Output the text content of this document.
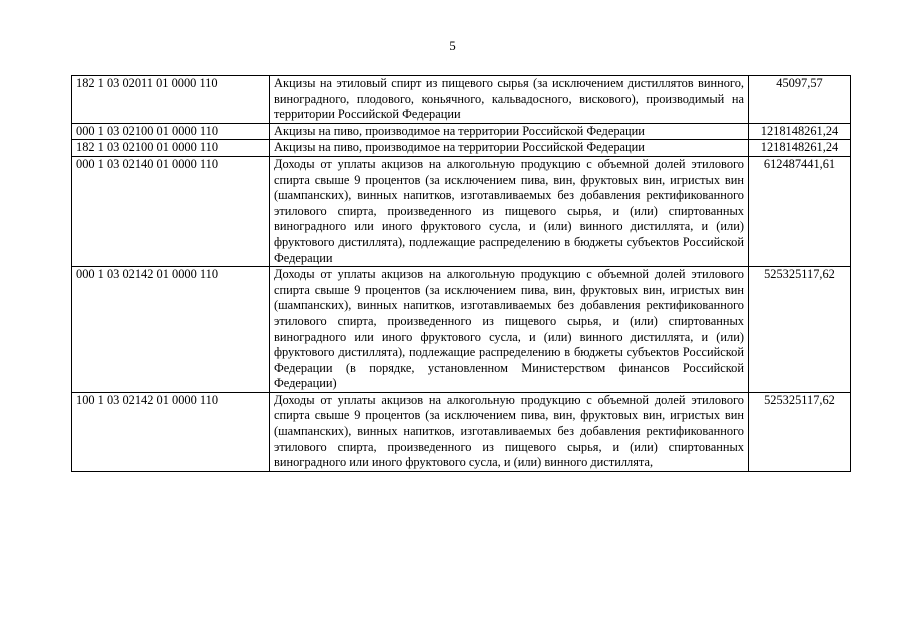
5
182 1 03 02011 01 0000 110	Акцизы на этиловый спирт из пищевого сырья (за исключением дистиллятов винного, виноградного, плодового, коньячного, кальвадосного, вискового), производимый на территории Российской Федерации	45097,57
000 1 03 02100 01 0000 110	Акцизы на пиво, производимое на территории Российской Федерации	1218148261,24
182 1 03 02100 01 0000 110	Акцизы на пиво, производимое на территории Российской Федерации	1218148261,24
000 1 03 02140 01 0000 110	Доходы от уплаты акцизов на алкогольную продукцию с объемной долей этилового спирта свыше 9 процентов (за исключением пива, вин, фруктовых вин, игристых вин (шампанских), винных напитков, изготавливаемых без добавления ректификованного этилового спирта, произведенного из пищевого сырья, и (или) спиртованных виноградного или иного фруктового сусла, и (или) винного дистиллята, и (или) фруктового дистиллята), подлежащие распределению в бюджеты субъектов Российской Федерации	612487441,61
000 1 03 02142 01 0000 110	Доходы от уплаты акцизов на алкогольную продукцию с объемной долей этилового спирта свыше 9 процентов (за исключением пива, вин, фруктовых вин, игристых вин (шампанских), винных напитков, изготавливаемых без добавления ректификованного этилового спирта, произведенного из пищевого сырья, и (или) спиртованных виноградного или иного фруктового сусла, и (или) винного дистиллята, и (или) фруктового дистиллята), подлежащие распределению в бюджеты субъектов Российской Федерации (в порядке, установленном Министерством финансов Российской Федерации)	525325117,62
100 1 03 02142 01 0000 110	Доходы от уплаты акцизов на алкогольную продукцию с объемной долей этилового спирта свыше 9 процентов (за исключением пива, вин, фруктовых вин, игристых вин (шампанских), винных напитков, изготавливаемых без добавления ректификованного этилового спирта, произведенного из пищевого сырья, и (или) спиртованных виноградного или иного фруктового сусла, и (или) винного дистиллята,	525325117,62
